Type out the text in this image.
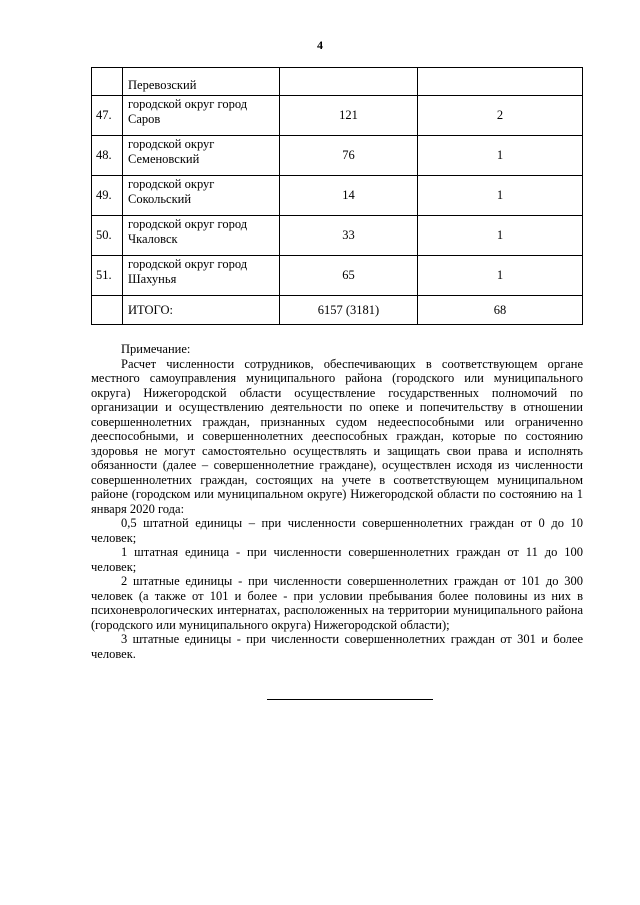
4
	Перевозский		
47.	городской округ город Саров	121	2
48.	городской округ Семеновский	76	1
49.	городской округ Сокольский	14	1
50.	городской округ город Чкаловск	33	1
51.	городской округ город Шахунья	65	1
	ИТОГО:	6157 (3181)	68

Примечание:

Расчет численности сотрудников, обеспечивающих в соответствующем органе местного самоуправления муниципального района (городского или муниципального округа) Нижегородской области осуществление государственных полномочий по организации и осуществлению деятельности по опеке и попечительству в отношении совершеннолетних граждан, признанных судом недееспособными или ограниченно дееспособными, и совершеннолетних дееспособных граждан, которые по состоянию здоровья не могут самостоятельно осуществлять и защищать свои права и исполнять обязанности (далее – совершеннолетние граждане), осуществлен исходя из численности совершеннолетних граждан, состоящих на учете в соответствующем муниципальном районе (городском или муниципальном округе) Нижегородской области по состоянию на 1 января 2020 года:

0,5 штатной единицы – при численности совершеннолетних граждан от 0 до 10 человек;

1 штатная единица - при численности совершеннолетних граждан от 11 до 100 человек;

2 штатные единицы - при численности совершеннолетних граждан от 101 до 300 человек (а также от 101 и более - при условии пребывания более половины из них в психоневрологических интернатах, расположенных на территории муниципального района (городского или муниципального округа) Нижегородской области);

3 штатные единицы - при численности совершеннолетних граждан от 301 и более человек.
